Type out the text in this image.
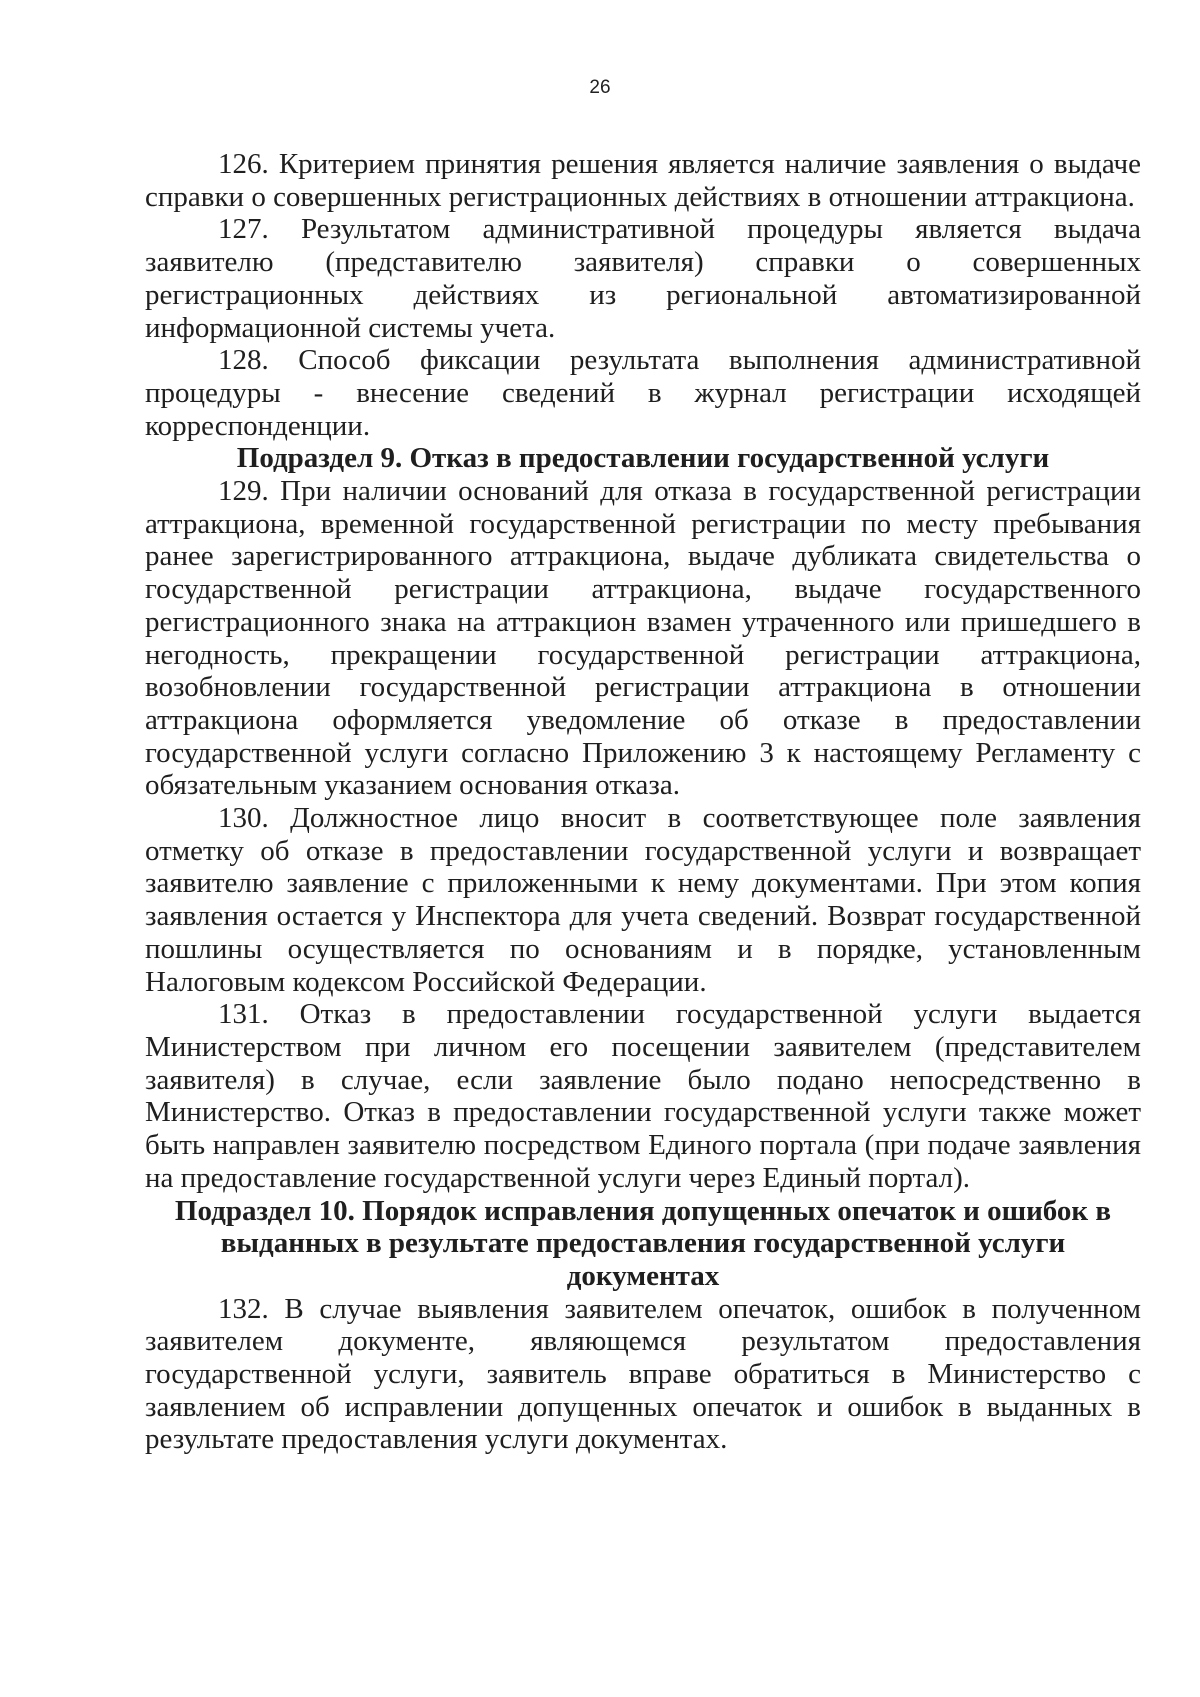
26

126. Критерием принятия решения является наличие заявления о выдаче справки о совершенных регистрационных действиях в отношении аттракциона.

127. Результатом административной процедуры является выдача заявителю (представителю заявителя) справки о совершенных регистрационных действиях из региональной автоматизированной информационной системы учета.

128. Способ фиксации результата выполнения административной процедуры - внесение сведений в журнал регистрации исходящей корреспонденции.

Подраздел 9. Отказ в предоставлении государственной услуги

129. При наличии оснований для отказа в государственной регистрации аттракциона, временной государственной регистрации по месту пребывания ранее зарегистрированного аттракциона, выдаче дубликата свидетельства о государственной регистрации аттракциона, выдаче государственного регистрационного знака на аттракцион взамен утраченного или пришедшего в негодность, прекращении государственной регистрации аттракциона, возобновлении государственной регистрации аттракциона в отношении аттракциона оформляется уведомление об отказе в предоставлении государственной услуги согласно Приложению 3 к настоящему Регламенту с обязательным указанием основания отказа.

130. Должностное лицо вносит в соответствующее поле заявления отметку об отказе в предоставлении государственной услуги и возвращает заявителю заявление с приложенными к нему документами. При этом копия заявления остается у Инспектора для учета сведений. Возврат государственной пошлины осуществляется по основаниям и в порядке, установленным Налоговым кодексом Российской Федерации.

131. Отказ в предоставлении государственной услуги выдается Министерством при личном его посещении заявителем (представителем заявителя) в случае, если заявление было подано непосредственно в Министерство. Отказ в предоставлении государственной услуги также может быть направлен заявителю посредством Единого портала (при подаче заявления на предоставление государственной услуги через Единый портал).

Подраздел 10. Порядок исправления допущенных опечаток и ошибок в выданных в результате предоставления государственной услуги документах

132. В случае выявления заявителем опечаток, ошибок в полученном заявителем документе, являющемся результатом предоставления государственной услуги, заявитель вправе обратиться в Министерство с заявлением об исправлении допущенных опечаток и ошибок в выданных в результате предоставления услуги документах.
